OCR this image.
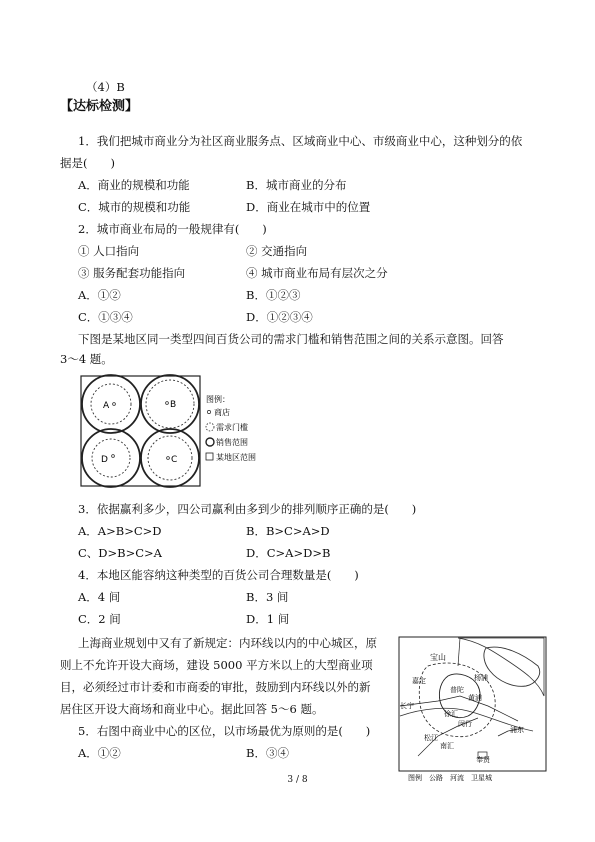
（4）B
【达标检测】
1．我们把城市商业分为社区商业服务点、区域商业中心、市级商业中心，这种划分的依
据是(　　)
A．商业的规模和功能	B．城市商业的分布
C．城市的规模和功能	D．商业在城市中的位置
2．城市商业布局的一般规律有(　　)
① 人口指向	② 交通指向
③ 服务配套功能指向	④ 城市商业布局有层次之分
A．①②	B．①②③
C．①③④	D．①②③④
下图是某地区同一类型四间百货公司的需求门槛和销售范围之间的关系示意图。回答
3～4 题。
A	B
D	C
图例：
商店
需求门槛
销售范围
某地区范围
3．依据赢利多少，四公司赢利由多到少的排列顺序正确的是(　　)
A．A>B>C>D	B．B>C>A>D
C、D>B>C>A	D．C>A>D>B
4．本地区能容纳这种类型的百货公司合理数量是(　　)
A．4 间	B．3 间
C．2 间	D．1 间
上海商业规划中又有了新规定：内环线以内的中心城区，原
则上不允许开设大商场，建设 5000 平方米以上的大型商业项
目，必须经过市计委和市商委的审批，鼓励到内环线以外的新
居住区开设大商场和商业中心。据此回答 5～6 题。
5．右图中商业中心的区位，以市场最优为原则的是(　　)
A．①②	B．③④
宝山
嘉定
普陀
长宁
徐汇
闵行
浦东
黄浦
杨浦
松江
南汇
奉贤
图例　公路　河流　卫星城
3 / 8
